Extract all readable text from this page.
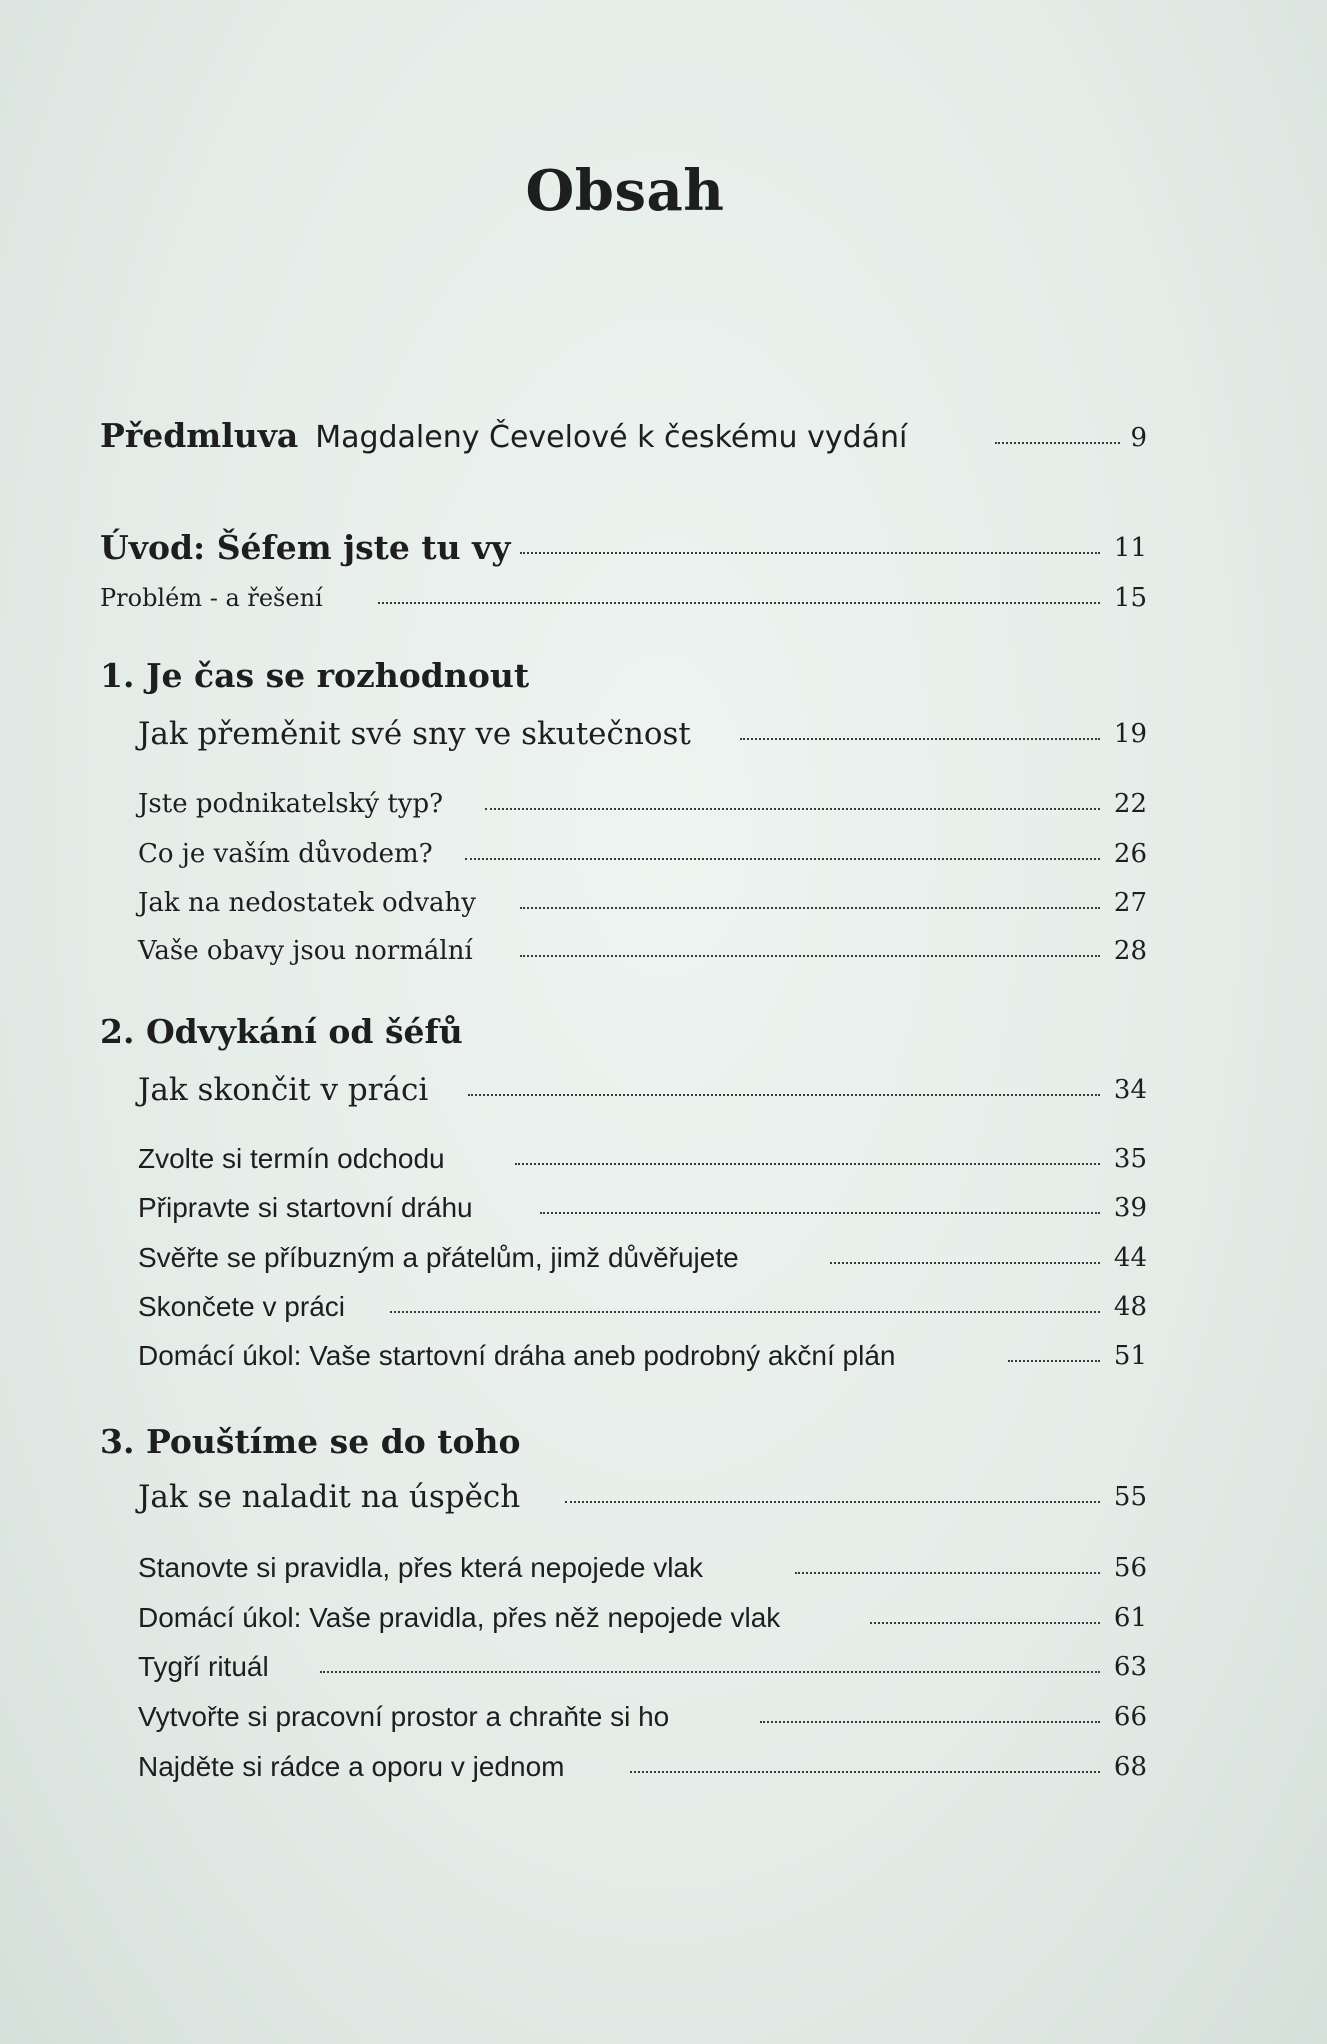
Obsah
Předmluva Magdaleny Čevelové k českému vydání	9
Úvod: Šéfem jste tu vy	11
Problém - a řešení	15
1. Je čas se rozhodnout
Jak přeměnit své sny ve skutečnost	19
Jste podnikatelský typ?	22
Co je vaším důvodem?	26
Jak na nedostatek odvahy	27
Vaše obavy jsou normální	28
2. Odvykání od šéfů
Jak skončit v práci	34
Zvolte si termín odchodu	35
Připravte si startovní dráhu	39
Svěřte se příbuzným a přátelům, jimž důvěřujete	44
Skončete v práci	48
Domácí úkol: Vaše startovní dráha aneb podrobný akční plán	51
3. Pouštíme se do toho
Jak se naladit na úspěch	55
Stanovte si pravidla, přes která nepojede vlak	56
Domácí úkol: Vaše pravidla, přes něž nepojede vlak	61
Tygří rituál	63
Vytvořte si pracovní prostor a chraňte si ho	66
Najděte si rádce a oporu v jednom	68
